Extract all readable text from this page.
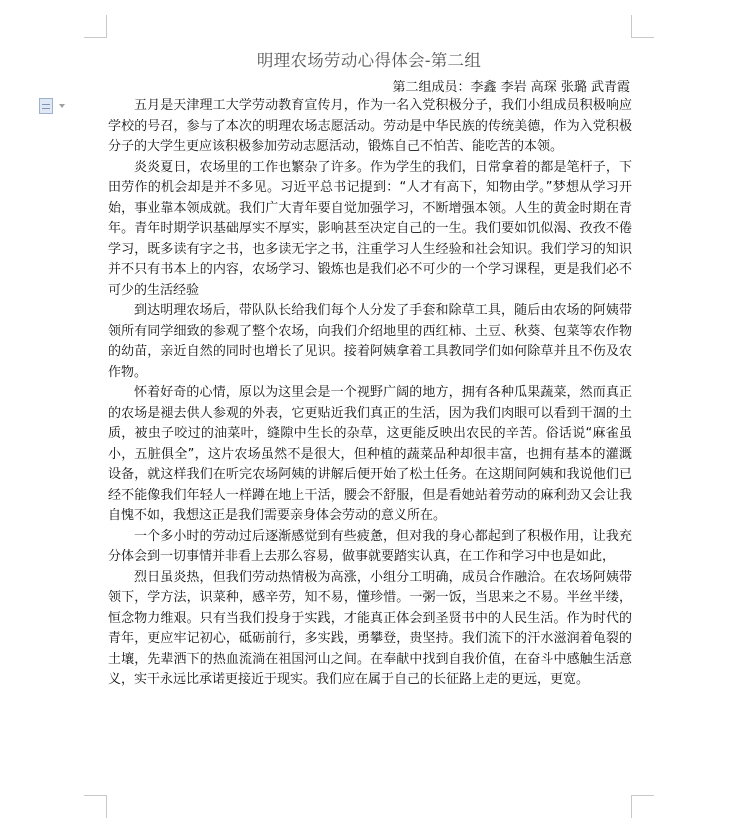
明理农场劳动心得体会-第二组
第二组成员：李鑫 李岩 高琛 张璐 武青霞

五月是天津理工大学劳动教育宣传月，作为一名入党积极分子，我们小组成员积极响应学校的号召，参与了本次的明理农场志愿活动。劳动是中华民族的传统美德，作为入党积极分子的大学生更应该积极参加劳动志愿活动，锻炼自己不怕苦、能吃苦的本领。

炎炎夏日，农场里的工作也繁杂了许多。作为学生的我们，日常拿着的都是笔杆子，下田劳作的机会却是并不多见。习近平总书记提到：“人才有高下，知物由学。”梦想从学习开始，事业靠本领成就。我们广大青年要自觉加强学习，不断增强本领。人生的黄金时期在青年。青年时期学识基础厚实不厚实，影响甚至决定自己的一生。我们要如饥似渴、孜孜不倦学习，既多读有字之书，也多读无字之书，注重学习人生经验和社会知识。我们学习的知识并不只有书本上的内容，农场学习、锻炼也是我们必不可少的一个学习课程，更是我们必不可少的生活经验

到达明理农场后，带队队长给我们每个人分发了手套和除草工具，随后由农场的阿姨带领所有同学细致的参观了整个农场，向我们介绍地里的西红柿、土豆、秋葵、包菜等农作物的幼苗，亲近自然的同时也增长了见识。接着阿姨拿着工具教同学们如何除草并且不伤及农作物。

怀着好奇的心情，原以为这里会是一个视野广阔的地方，拥有各种瓜果蔬菜，然而真正的农场是褪去供人参观的外表，它更贴近我们真正的生活，因为我们肉眼可以看到干涸的土质，被虫子咬过的油菜叶，缝隙中生长的杂草，这更能反映出农民的辛苦。俗话说“麻雀虽小，五脏俱全”，这片农场虽然不是很大，但种植的蔬菜品种却很丰富，也拥有基本的灌溉设备，就这样我们在听完农场阿姨的讲解后便开始了松土任务。在这期间阿姨和我说他们已经不能像我们年轻人一样蹲在地上干活，腰会不舒服，但是看她站着劳动的麻利劲又会让我自愧不如，我想这正是我们需要亲身体会劳动的意义所在。

一个多小时的劳动过后逐渐感觉到有些疲惫，但对我的身心都起到了积极作用，让我充分体会到一切事情并非看上去那么容易，做事就要踏实认真，在工作和学习中也是如此，

烈日虽炎热，但我们劳动热情极为高涨，小组分工明确，成员合作融洽。在农场阿姨带领下，学方法，识菜种，感辛劳，知不易，懂珍惜。一粥一饭，当思来之不易。半丝半缕，恒念物力维艰。只有当我们投身于实践，才能真正体会到圣贤书中的人民生活。作为时代的青年，更应牢记初心，砥砺前行，多实践，勇攀登，贵坚持。我们流下的汗水滋润着龟裂的土壤，先辈洒下的热血流淌在祖国河山之间。在奉献中找到自我价值，在奋斗中感触生活意义，实干永远比承诺更接近于现实。我们应在属于自己的长征路上走的更远，更宽。
